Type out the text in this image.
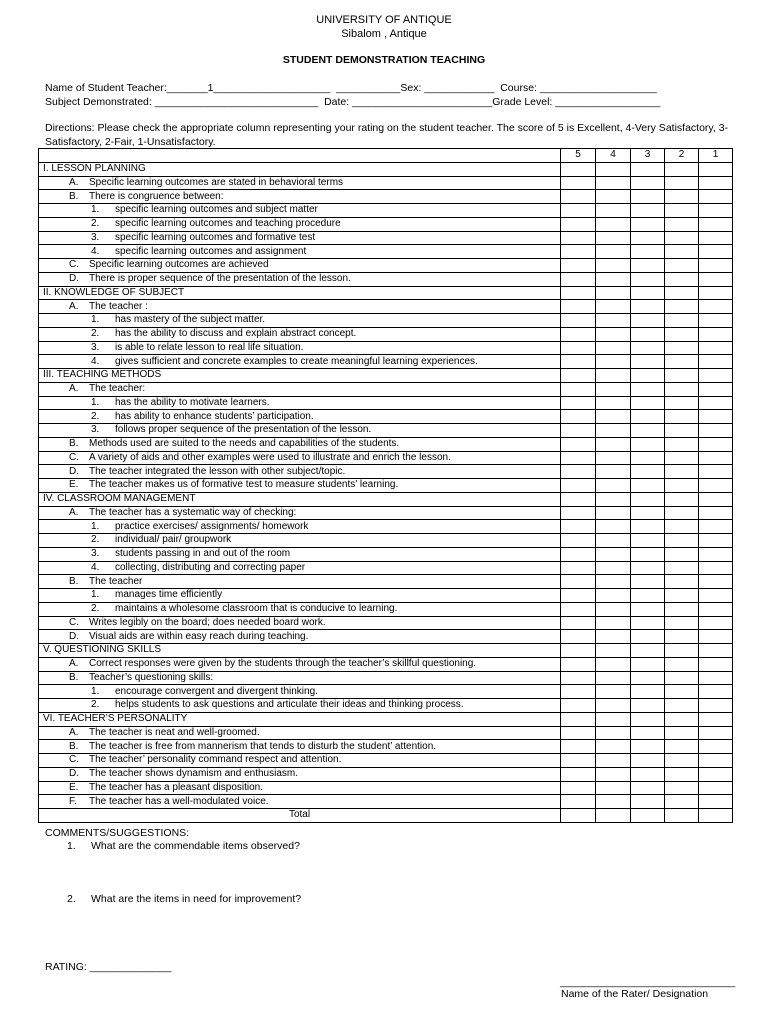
UNIVERSITY OF ANTIQUE
Sibalom , Antique
STUDENT DEMONSTRATION TEACHING
Name of Student Teacher:_______1____________________  ___________Sex: ____________  Course: ____________________
Subject Demonstrated: ____________________________  Date: ________________________Grade Level: __________________
Directions: Please check the appropriate column representing your rating on the student teacher. The score of 5 is Excellent, 4-Very Satisfactory, 3-Satisfactory, 2-Fair, 1-Unsatisfactory.
	5	4	3	2	1
I. LESSON PLANNING					
A. Specific learning outcomes are stated in behavioral terms					
B. There is congruence between:					
1. specific learning outcomes and subject matter					
2. specific learning outcomes and teaching procedure					
3. specific learning outcomes and formative test					
4. specific learning outcomes and assignment					
C. Specific learning outcomes are achieved					
D. There is proper sequence of the presentation of the lesson.					
II. KNOWLEDGE OF SUBJECT					
A. The teacher :					
1. has mastery of the subject matter.					
2. has the ability to discuss and explain abstract concept.					
3. is able to relate lesson to real life situation.					
4. gives sufficient and concrete examples to create meaningful learning experiences.					
III. TEACHING METHODS					
A. The teacher:					
1. has the ability to motivate learners.					
2. has ability to enhance students’ participation.					
3. follows proper sequence of the presentation of the lesson.					
B. Methods used are suited to the needs and capabilities of the students.					
C. A variety of aids and other examples were used to illustrate and enrich the lesson.					
D. The teacher integrated the lesson with other subject/topic.					
E. The teacher makes us of formative test to measure students’ learning.					
IV. CLASSROOM MANAGEMENT					
A. The teacher has a systematic way of checking:					
1. practice exercises/ assignments/ homework					
2. individual/ pair/ groupwork					
3. students passing in and out of the room					
4. collecting, distributing and correcting paper					
B. The teacher					
1. manages time efficiently					
2. maintains a wholesome classroom that is conducive to learning.					
C. Writes legibly on the board; does needed board work.					
D. Visual aids are within easy reach during teaching.					
V. QUESTIONING SKILLS					
A. Correct responses were given by the students through the teacher’s skillful questioning.					
B. Teacher’s questioning skills:					
1. encourage convergent and divergent thinking.					
2. helps students to ask questions and articulate their ideas and thinking process.					
VI. TEACHER’S PERSONALITY					
A. The teacher is neat and well-groomed.					
B. The teacher is free from mannerism that tends to disturb the student’ attention.					
C. The teacher’ personality command respect and attention.					
D. The teacher shows dynamism and enthusiasm.					
E. The teacher has a pleasant disposition.					
F. The teacher has a well-modulated voice.					
Total					
COMMENTS/SUGGESTIONS:
1. What are the commendable items observed?
2. What are the items in need for improvement?
RATING: ______________
______________________________
Name of the Rater/ Designation
